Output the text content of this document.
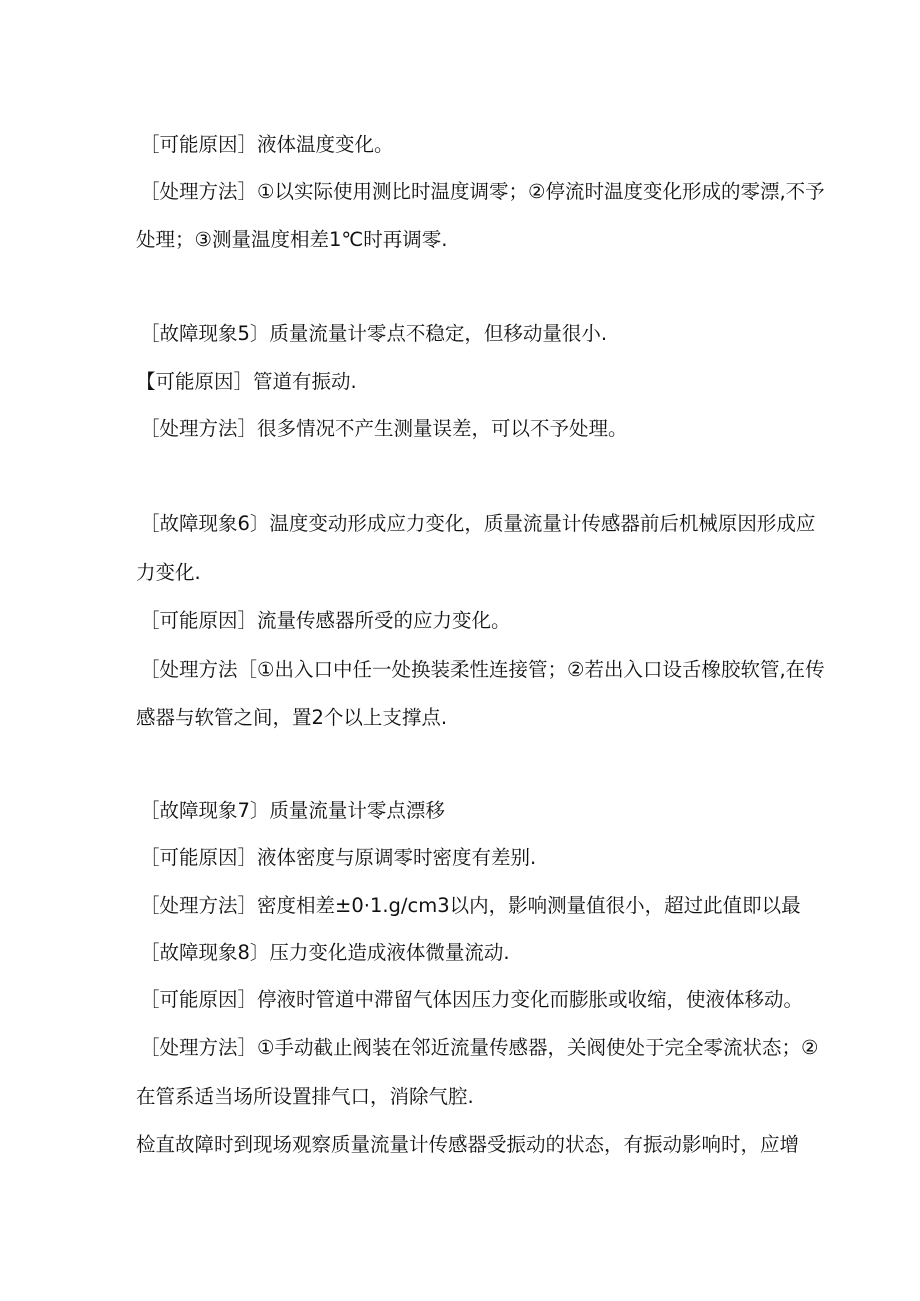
［可能原因］液体温度变化。

［处理方法］①以实际使用测比时温度调零；②停流时温度变化形成的零漂,不予

处理；③测量温度相差1℃时再调零.

［故障现象5〕质量流量计零点不稳定，但移动量很小.

【可能原因］管道有振动.

［处理方法］很多情况不产生测量误差，可以不予处理。

［故障现象6〕温度变动形成应力变化，质量流量计传感器前后机械原因形成应

力变化.

［可能原因］流量传感器所受的应力变化。

［处理方法［①出入口中任一处换装柔性连接管；②若出入口设舌橡胶软管,在传

感器与软管之间，置2个以上支撑点.

［故障现象7〕质量流量计零点漂移

［可能原因］液体密度与原调零时密度有差别.

［处理方法］密度相差±0·1.g∕cm3以内，影响测量值很小，超过此值即以最

［故障现象8〕压力变化造成液体微量流动.

［可能原因］停液时管道中滞留气体因压力变化而膨胀或收缩，使液体移动。

［处理方法］①手动截止阀装在邻近流量传感器，关阀使处于完全零流状态；②

在管系适当场所设置排气口，消除气腔.

检直故障时到现场观察质量流量计传感器受振动的状态，有振动影响时，应增
